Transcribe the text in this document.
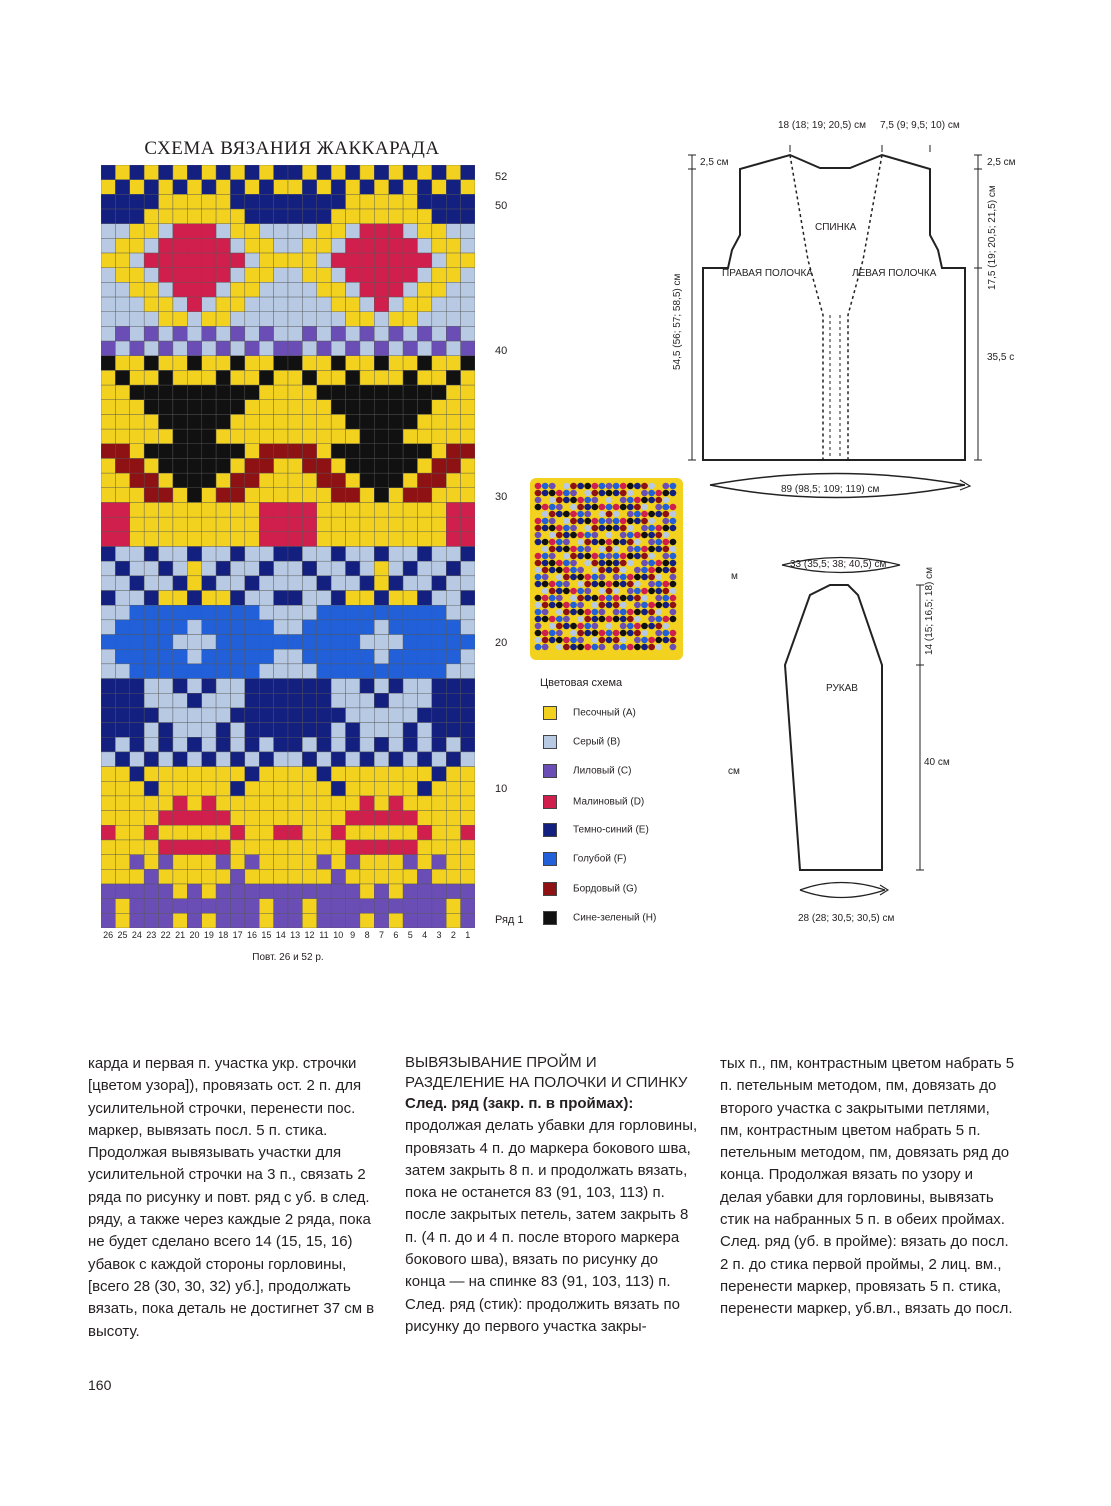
СХЕМА ВЯЗАНИЯ ЖАККАРАДА
52
50
40
30
20
10
Ряд 1
26 25 24 23 22 21 20 19 18 17 16 15 14 13 12 11 10 9	8	7	6	5	4	3	2	1
Повт. 26 и 52 р.
Цветовая схема
Песочный (А)
Серый (В)
Лиловый (С)
Малиновый (D)
Темно-синий (Е)
Голубой (F)
Бордовый (G)
Сине-зеленый (Н)
18 (18; 19; 20,5) см 7,5 (9; 9,5; 10) см
2,5 см	2,5 см
СПИНКА
ПРАВАЯ ПОЛОЧКА	ЛЕВАЯ ПОЛОЧКА
54,5 (56; 57; 58,5) см
17,5 (19; 20,5; 21,5) см
35,5 с
89 (98,5; 109; 119) см
33 (35,5; 38; 40,5) см
14 (15; 16,5; 18) см
РУКАВ
40 см
28 (28; 30,5; 30,5) см
м
см

карда и первая п. участка укр. строчки [цветом узора]), провязать ост. 2 п. для усилительной строчки, перенести пос. маркер, вывязать посл. 5 п. стика. Продолжая вывязывать участки для усилительной строчки на 3 п., связать 2 ряда по рисунку и повт. ряд с уб. в след. ряду, а также через каждые 2 ряда, пока не будет сделано всего 14 (15, 15, 16) убавок с каждой стороны горловины, [всего 28 (30, 30, 32) уб.], продолжать вязать, пока деталь не достигнет 37 см в высоту.

ВЫВЯЗЫВАНИЕ ПРОЙМ И РАЗДЕЛЕНИЕ НА ПОЛОЧКИ И СПИНКУ

След. ряд (закр. п. в проймах): продолжая делать убавки для горловины, провязать 4 п. до маркера бокового шва, затем закрыть 8 п. и продолжать вязать, пока не останется 83 (91, 103, 113) п. после закрытых петель, затем закрыть 8 п. (4 п. до и 4 п. после второго маркера бокового шва), вязать по рисунку до конца — на спинке 83 (91, 103, 113) п. След. ряд (стик): продолжить вязать по рисунку до первого участка закры-

тых п., пм, контрастным цветом набрать 5 п. петельным методом, пм, довязать до второго участка с закрытыми петлями, пм, контрастным цветом набрать 5 п. петельным методом, пм, довязать ряд до конца. Продолжая вязать по узору и делая убавки для горловины, вывязать стик на набранных 5 п. в обеих проймах. След. ряд (уб. в пройме): вязать до посл. 2 п. до стика первой проймы, 2 лиц. вм., перенести маркер, провязать 5 п. стика, перенести маркер, уб.вл., вязать до посл.

160
